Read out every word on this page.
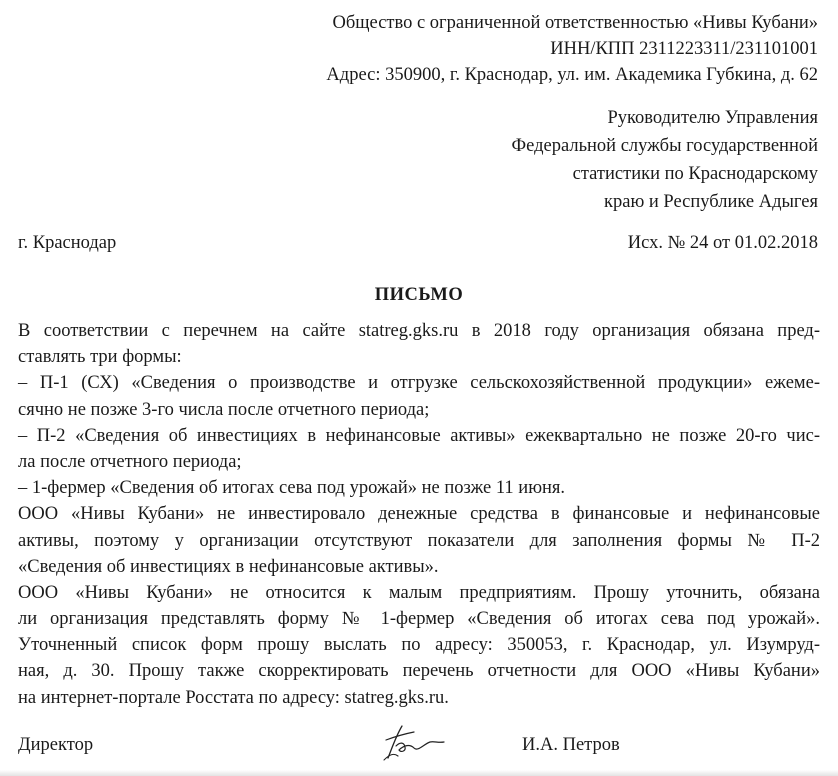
Общество с ограниченной ответственностью «Нивы Кубани»
ИНН/КПП 2311223311/231101001
Адрес: 350900, г. Краснодар, ул. им. Академика Губкина, д. 62
Руководителю Управления
Федеральной службы государственной
статистики по Краснодарскому
краю и Республике Адыгея
г. Краснодар	Исх. № 24 от 01.02.2018
ПИСЬМО
В соответствии с перечнем на сайте statreg.gks.ru в 2018 году организация обязана пред-
ставлять три формы:
– П-1 (СХ) «Сведения о производстве и отгрузке сельскохозяйственной продукции» ежеме-
сячно не позже 3-го числа после отчетного периода;
– П-2 «Сведения об инвестициях в нефинансовые активы» ежеквартально не позже 20-го чис-
ла после отчетного периода;
– 1-фермер «Сведения об итогах сева под урожай» не позже 11 июня.
ООО «Нивы Кубани» не инвестировало денежные средства в финансовые и нефинансовые
активы, поэтому у организации отсутствуют показатели для заполнения формы № П-2
«Сведения об инвестициях в нефинансовые активы».
ООО «Нивы Кубани» не относится к малым предприятиям. Прошу уточнить, обязана
ли организация представлять форму № 1-фермер «Сведения об итогах сева под урожай».
Уточненный список форм прошу выслать по адресу: 350053, г. Краснодар, ул. Изумруд-
ная, д. 30. Прошу также скорректировать перечень отчетности для ООО «Нивы Кубани»
на интернет-портале Росстата по адресу: statreg.gks.ru.
Директор	И.А. Петров
